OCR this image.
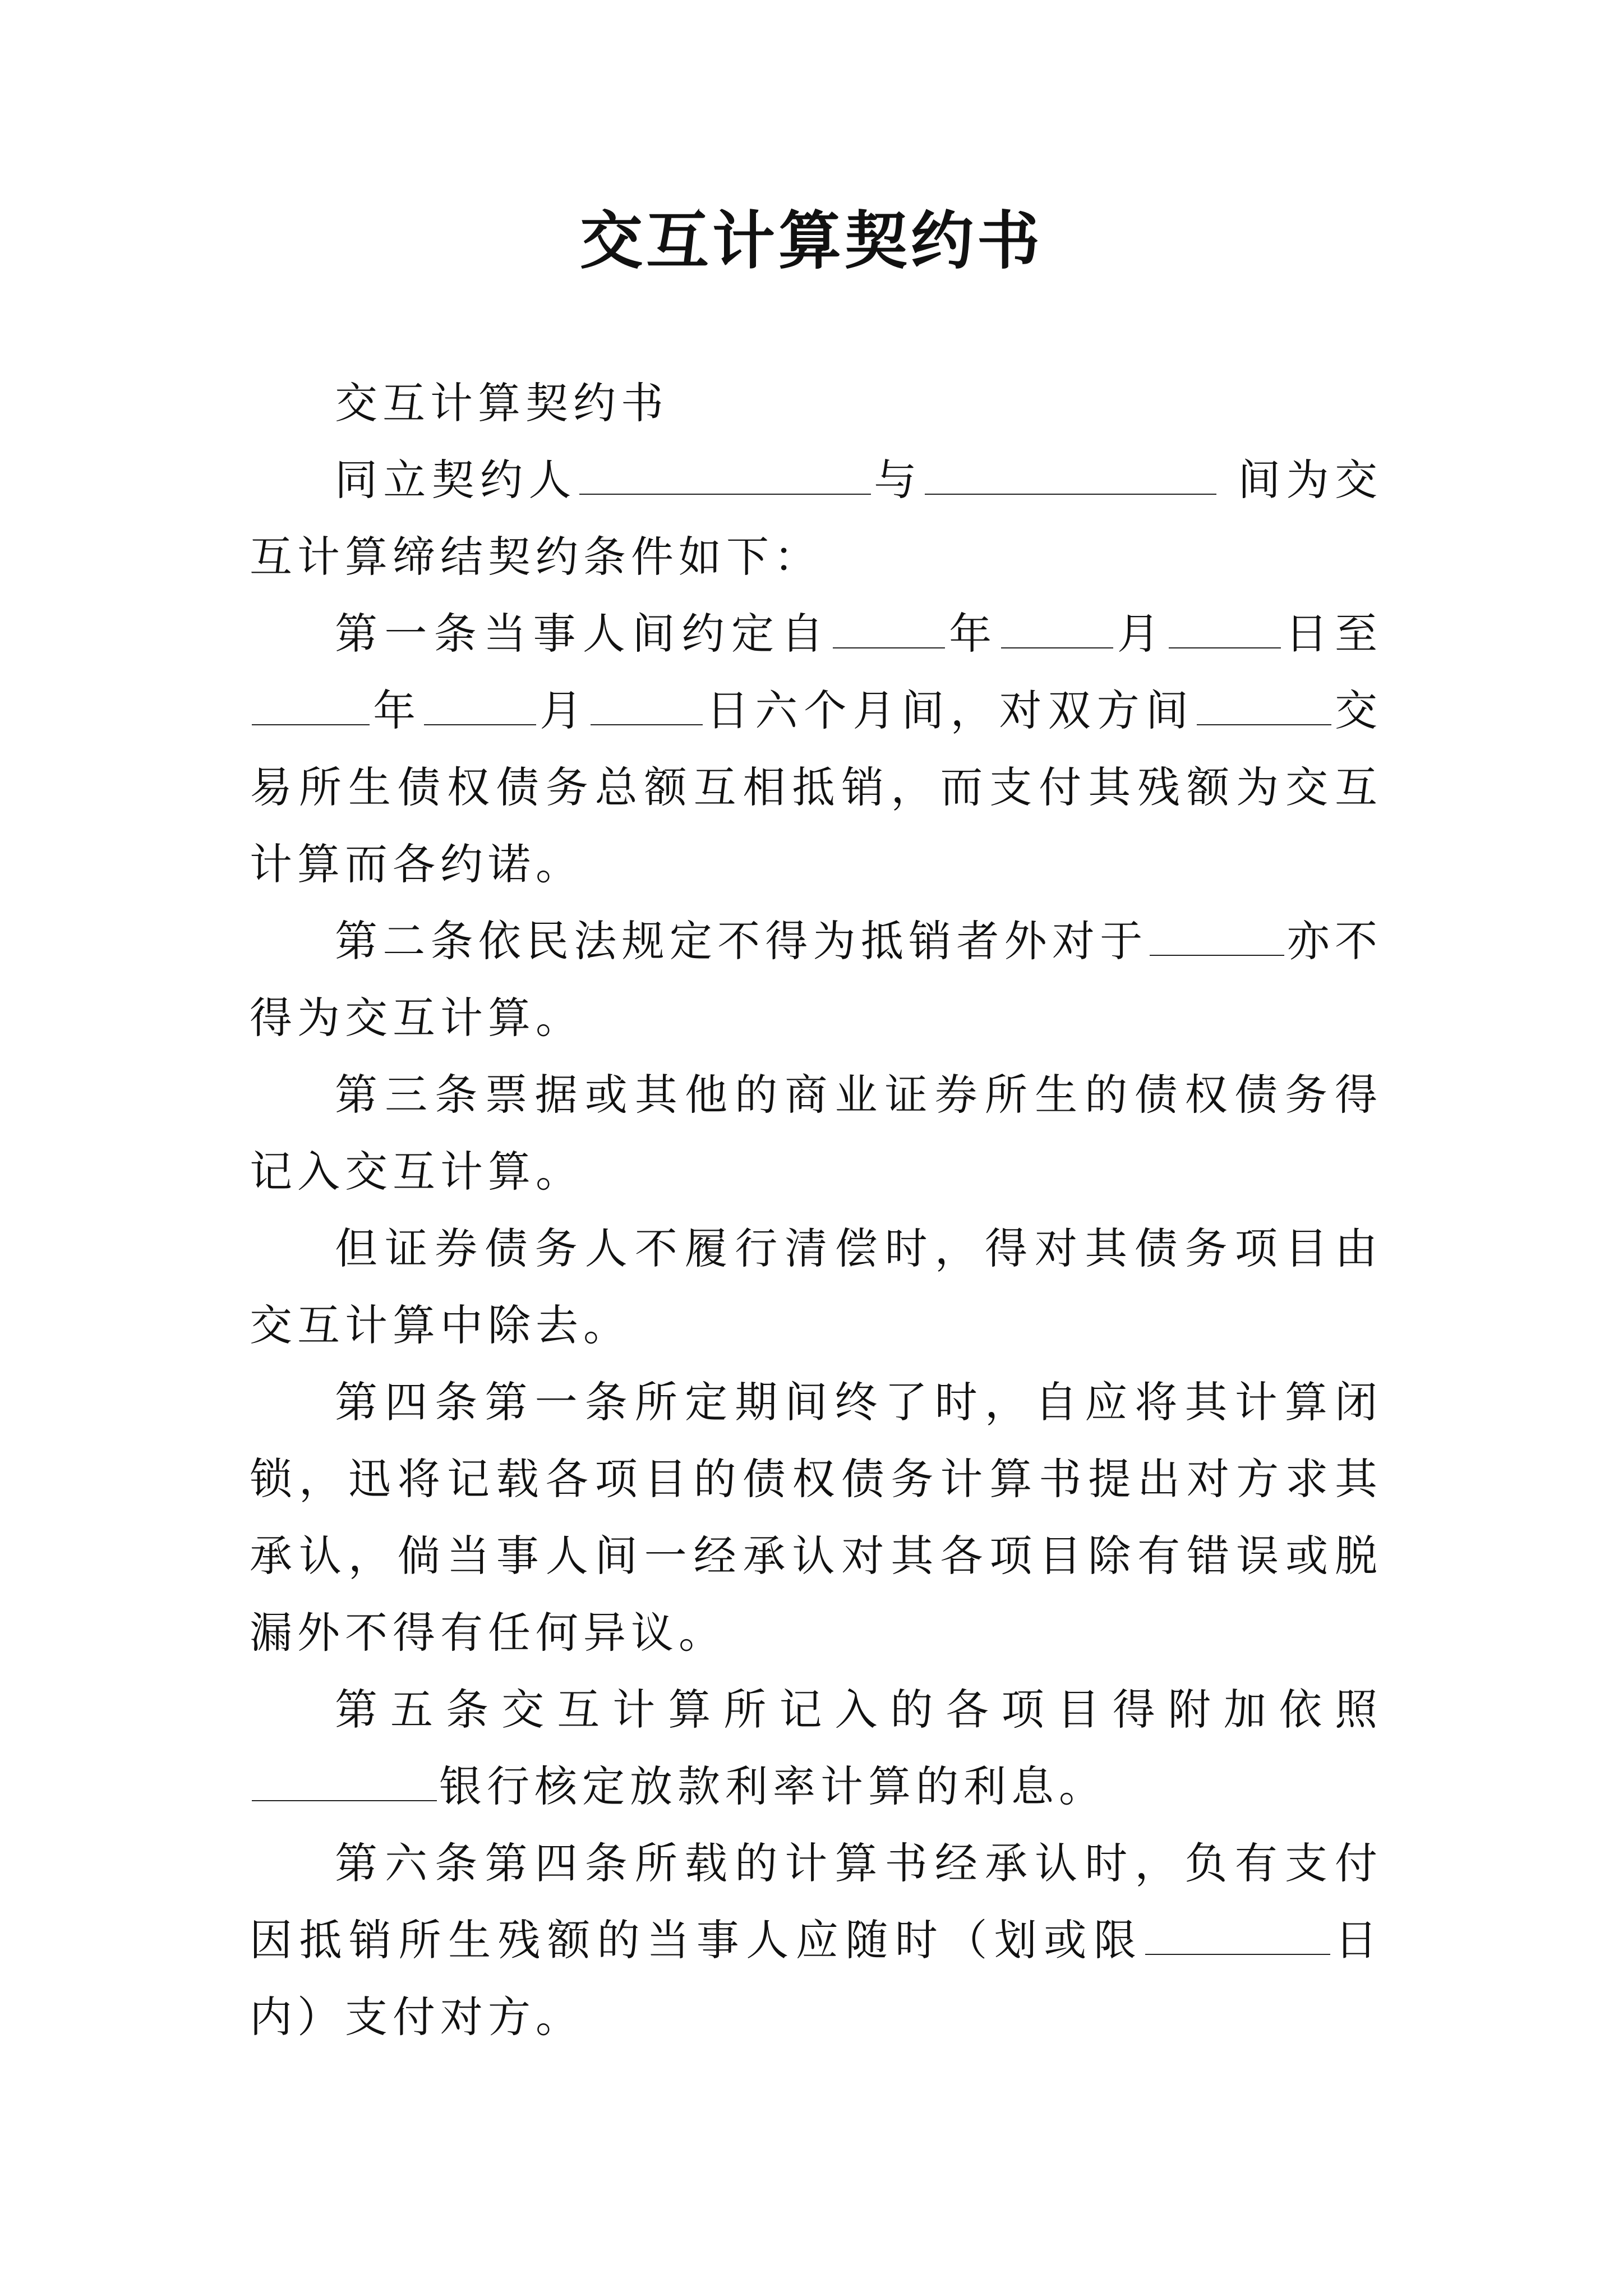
交互计算契约书

交互计算契约书

同立契约人	与	间为交互计算缔结契约条件如下：

第一条当事人间约定自	年	月	日至年	月	日六个月间，对双方间	交易所生债权债务总额互相抵销，而支付其残额为交互计算而各约诺。

第二条依民法规定不得为抵销者外对于	亦不得为交互计算。

第三条票据或其他的商业证券所生的债权债务得记入交互计算。

但证券债务人不履行清偿时，得对其债务项目由交互计算中除去。

第四条第一条所定期间终了时，自应将其计算闭锁，迅将记载各项目的债权债务计算书提出对方求其承认，倘当事人间一经承认对其各项目除有错误或脱漏外不得有任何异议。

第五条交互计算所记入的各项目得附加依照银行核定放款利率计算的利息。

第六条第四条所载的计算书经承认时，负有支付因抵销所生残额的当事人应随时（划或限	日内）支付对方。
